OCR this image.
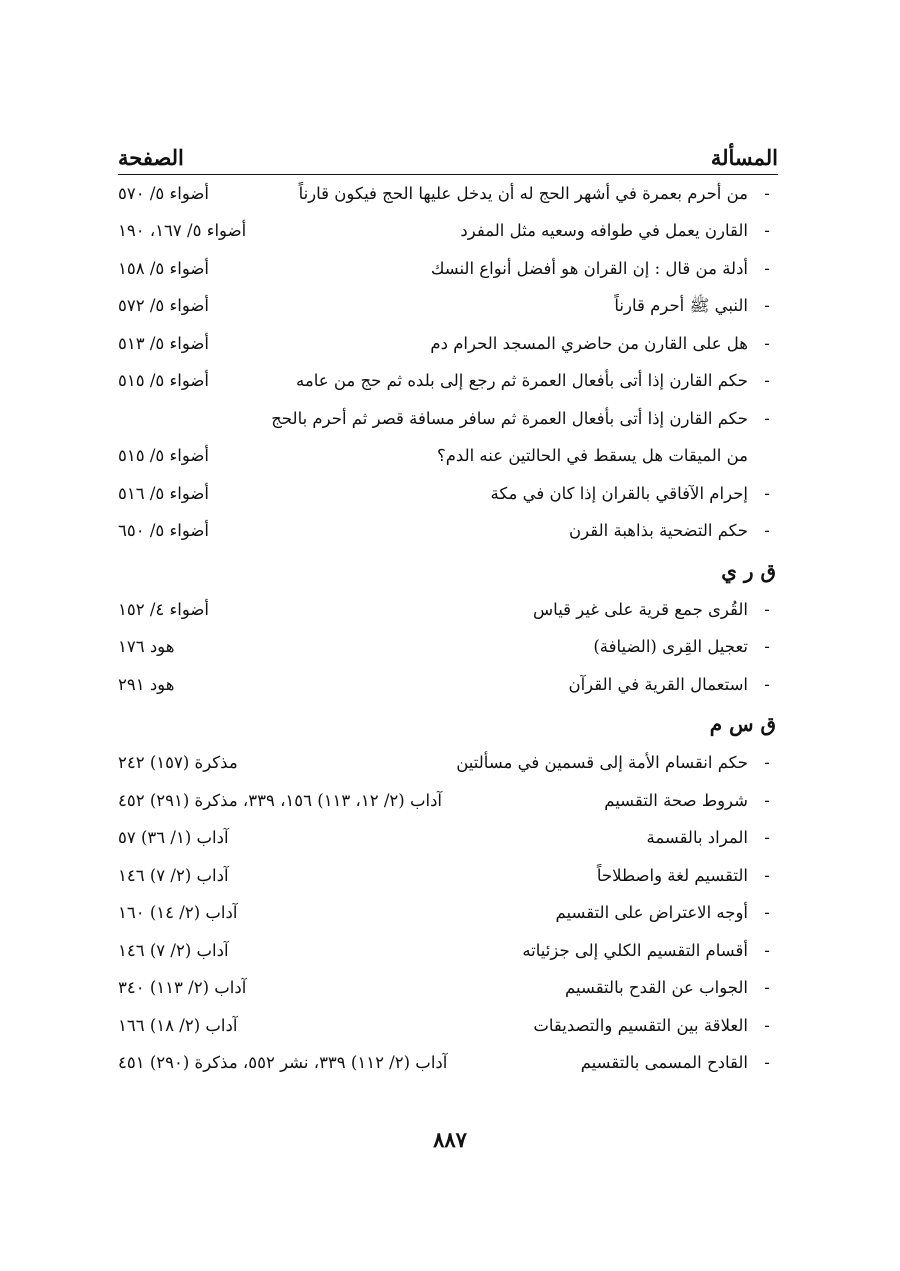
المسألة
الصفحة
-
من أحرم بعمرة في أشهر الحج له أن يدخل عليها الحج فيكون قارناً
أضواء ٥/ ٥٧٠
-
القارن يعمل في طوافه وسعيه مثل المفرد
أضواء ٥/ ١٦٧، ١٩٠
-
أدلة من قال : إن القران هو أفضل أنواع النسك
أضواء ٥/ ١٥٨
-
النبي ﷺ أحرم قارناً
أضواء ٥/ ٥٧٢
-
هل على القارن من حاضري المسجد الحرام دم
أضواء ٥/ ٥١٣
-
حكم القارن إذا أتى بأفعال العمرة ثم رجع إلى بلده ثم حج من عامه
أضواء ٥/ ٥١٥
-
حكم القارن إذا أتى بأفعال العمرة ثم سافر مسافة قصر ثم أحرم بالحج
من الميقات هل يسقط في الحالتين عنه الدم؟
أضواء ٥/ ٥١٥
-
إحرام الآفاقي بالقران إذا كان في مكة
أضواء ٥/ ٥١٦
-
حكم التضحية بذاهبة القرن
أضواء ٥/ ٦٥٠
ق ر ي
-
القُرى جمع قرية على غير قياس
أضواء ٤/ ١٥٢
-
تعجيل القِرى (الضيافة)
هود ١٧٦
-
استعمال القرية في القرآن
هود ٢٩١
ق س م
-
حكم انقسام الأمة إلى قسمين في مسألتين
مذكرة (١٥٧) ٢٤٢
-
شروط صحة التقسيم
آداب (٢/ ١٢، ١١٣) ١٥٦، ٣٣٩، مذكرة (٢٩١) ٤٥٢
-
المراد بالقسمة
آداب (١/ ٣٦) ٥٧
-
التقسيم لغة واصطلاحاً
آداب (٢/ ٧) ١٤٦
-
أوجه الاعتراض على التقسيم
آداب (٢/ ١٤) ١٦٠
-
أقسام التقسيم الكلي إلى جزئياته
آداب (٢/ ٧) ١٤٦
-
الجواب عن القدح بالتقسيم
آداب (٢/ ١١٣) ٣٤٠
-
العلاقة بين التقسيم والتصديقات
آداب (٢/ ١٨) ١٦٦
-
القادح المسمى بالتقسيم
آداب (٢/ ١١٢) ٣٣٩، نشر ٥٥٢، مذكرة (٢٩٠) ٤٥١
٨٨٧
